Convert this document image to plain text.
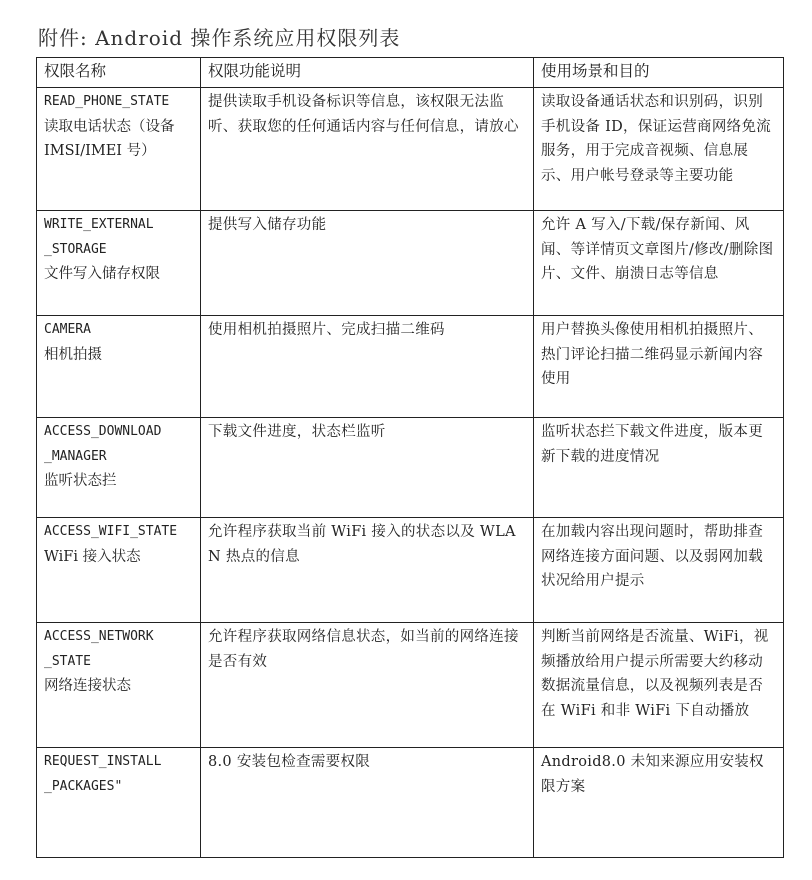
附件: Android 操作系统应用权限列表
权限名称	权限功能说明	使用场景和目的

READ_PHONE_STATE
读取电话状态（设备
IMSI/IMEI 号）	提供读取手机设备标识等信息，该权限无法监听、获取您的任何通话内容与任何信息，请放心	读取设备通话状态和识别码，识别手机设备 ID，保证运营商网络免流服务，用于完成音视频、信息展示、用户帐号登录等主要功能

WRITE_EXTERNAL
_STORAGE
文件写入储存权限	提供写入储存功能	允许 A 写入/下载/保存新闻、风闻、等详情页文章图片/修改/删除图片、文件、崩溃日志等信息

CAMERA
相机拍摄	使用相机拍摄照片、完成扫描二维码	用户替换头像使用相机拍摄照片、热门评论扫描二维码显示新闻内容使用

ACCESS_DOWNLOAD
_MANAGER
监听状态拦	下载文件进度，状态栏监听	监听状态拦下载文件进度，版本更新下载的进度情况

ACCESS_WIFI_STATE
WiFi 接入状态	允许程序获取当前 WiFi 接入的状态以及 WLAN 热点的信息	在加载内容出现问题时，帮助排查网络连接方面问题、以及弱网加载状况给用户提示

ACCESS_NETWORK
_STATE
网络连接状态	允许程序获取网络信息状态，如当前的网络连接是否有效	判断当前网络是否流量、WiFi，视频播放给用户提示所需要大约移动数据流量信息，以及视频列表是否在 WiFi 和非 WiFi 下自动播放

REQUEST_INSTALL
_PACKAGES"	8.0 安装包检查需要权限	Android8.0 未知来源应用安装权限方案
